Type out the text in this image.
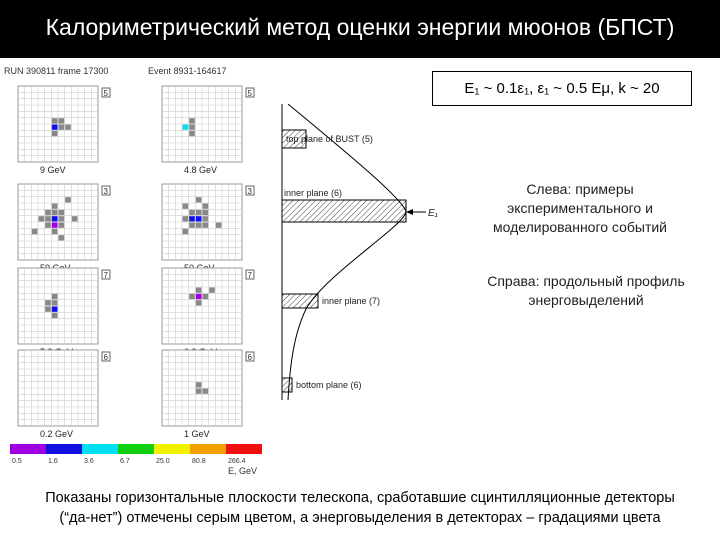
Калориметрический метод оценки энергии мюонов (БПСТ)
RUN 390811 frame 17300	Event 8931-164617
5
9 GeV
5
4.8 GeV
3	3
7	7
6
0.2 GeV
6
1 GeV
0.5	1.6	3.6	6.7	25.0	80.8	266.4
E, GeV
E₁ ~ 0.1ε₁, ε₁ ~ 0.5 Eμ, k ~ 20
Слева: примеры экспериментального и моделированного событий
Справа: продольный профиль энерговыделений
top plane of BUST (5)
inner plane (6)
inner plane (7)
bottom plane (6)
E₁
Показаны горизонтальные плоскости телескопа, сработавшие сцинтилляционные детекторы
(“да-нет”) отмечены серым цветом, а энерговыделения в детекторах – градациями цвета
